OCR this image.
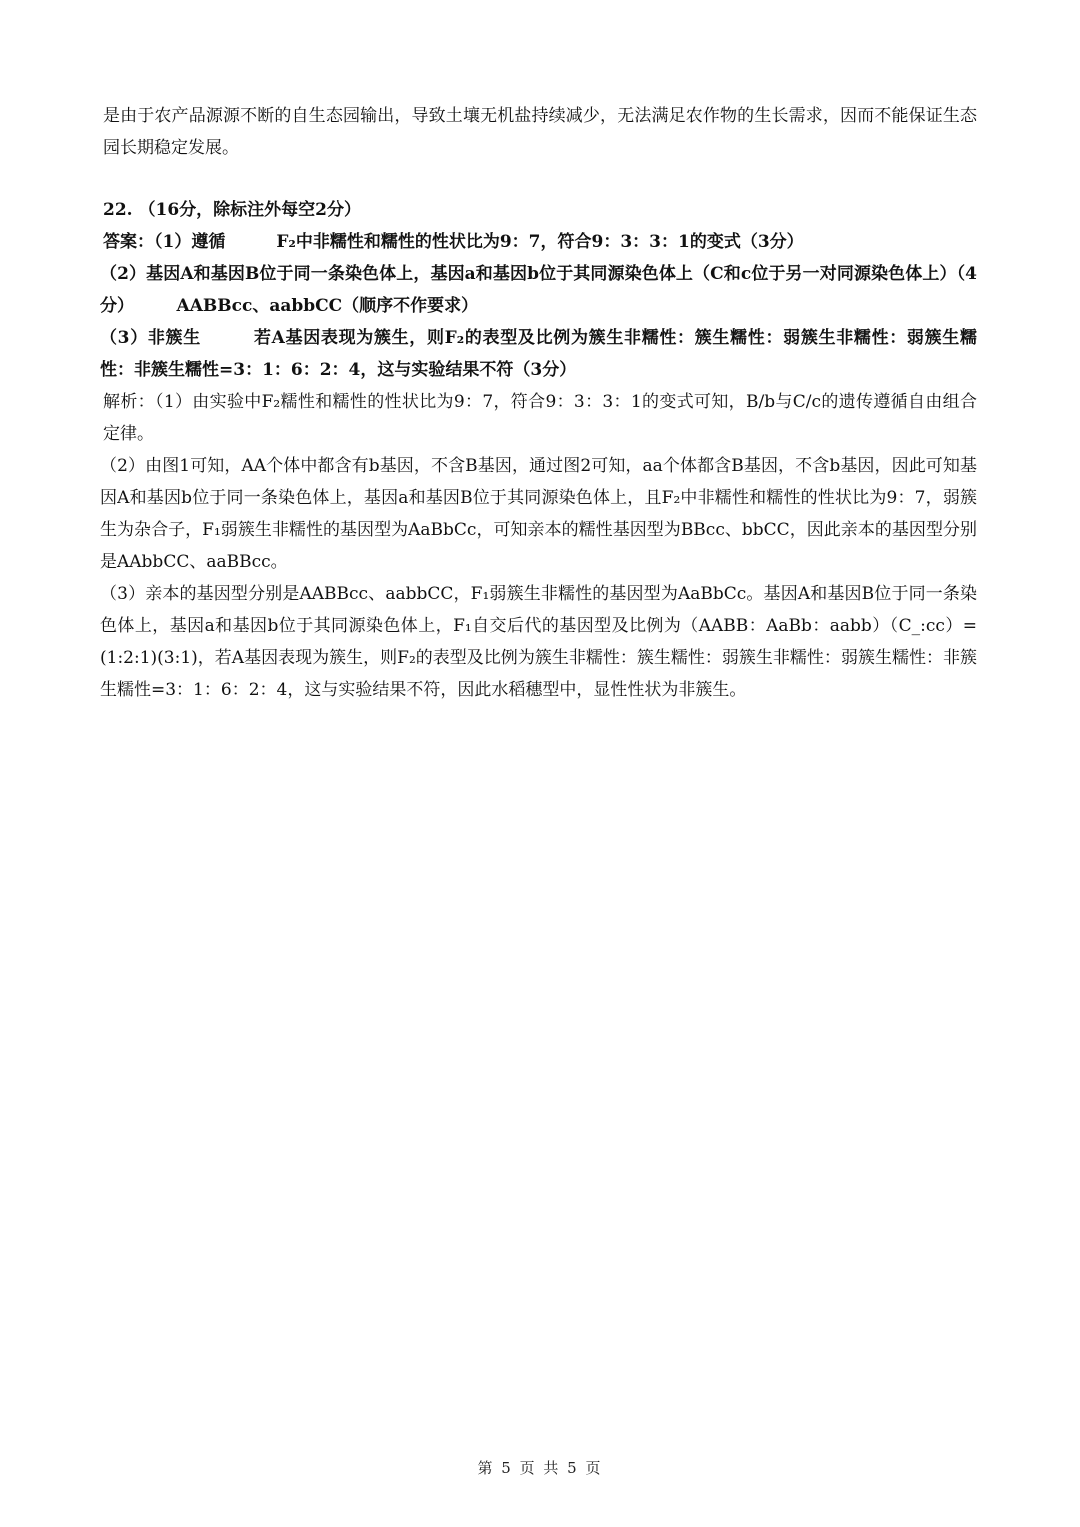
是由于农产品源源不断的自生态园输出，导致土壤无机盐持续减少，无法满足农作物的生长需求，因而不能保证生态园长期稳定发展。

22. （16分，除标注外每空2分）

答案：（1）遵循　　　F₂中非糯性和糯性的性状比为9：7，符合9：3：3：1的变式（3分）

（2）基因A和基因B位于同一条染色体上，基因a和基因b位于其同源染色体上（C和c位于另一对同源染色体上）（4分）　　　AABBcc、aabbCC（顺序不作要求）

（3）非簇生　　　若A基因表现为簇生，则F₂的表型及比例为簇生非糯性：簇生糯性：弱簇生非糯性：弱簇生糯性：非簇生糯性=3：1：6：2：4，这与实验结果不符（3分）

解析：（1）由实验中F₂糯性和糯性的性状比为9：7，符合9：3：3：1的变式可知，B/b与C/c的遗传遵循自由组合定律。

（2）由图1可知，AA个体中都含有b基因，不含B基因，通过图2可知，aa个体都含B基因，不含b基因，因此可知基因A和基因b位于同一条染色体上，基因a和基因B位于其同源染色体上，且F₂中非糯性和糯性的性状比为9：7，弱簇生为杂合子，F₁弱簇生非糯性的基因型为AaBbCc，可知亲本的糯性基因型为BBcc、bbCC，因此亲本的基因型分别是AAbbCC、aaBBcc。

（3）亲本的基因型分别是AABBcc、aabbCC，F₁弱簇生非糯性的基因型为AaBbCc。基因A和基因B位于同一条染色体上，基因a和基因b位于其同源染色体上，F₁自交后代的基因型及比例为（AABB：AaBb：aabb）（C_:cc）=(1:2:1)(3:1)，若A基因表现为簇生，则F₂的表型及比例为簇生非糯性：簇生糯性：弱簇生非糯性：弱簇生糯性：非簇生糯性=3：1：6：2：4，这与实验结果不符，因此水稻穗型中，显性性状为非簇生。

第 5 页 共 5 页
